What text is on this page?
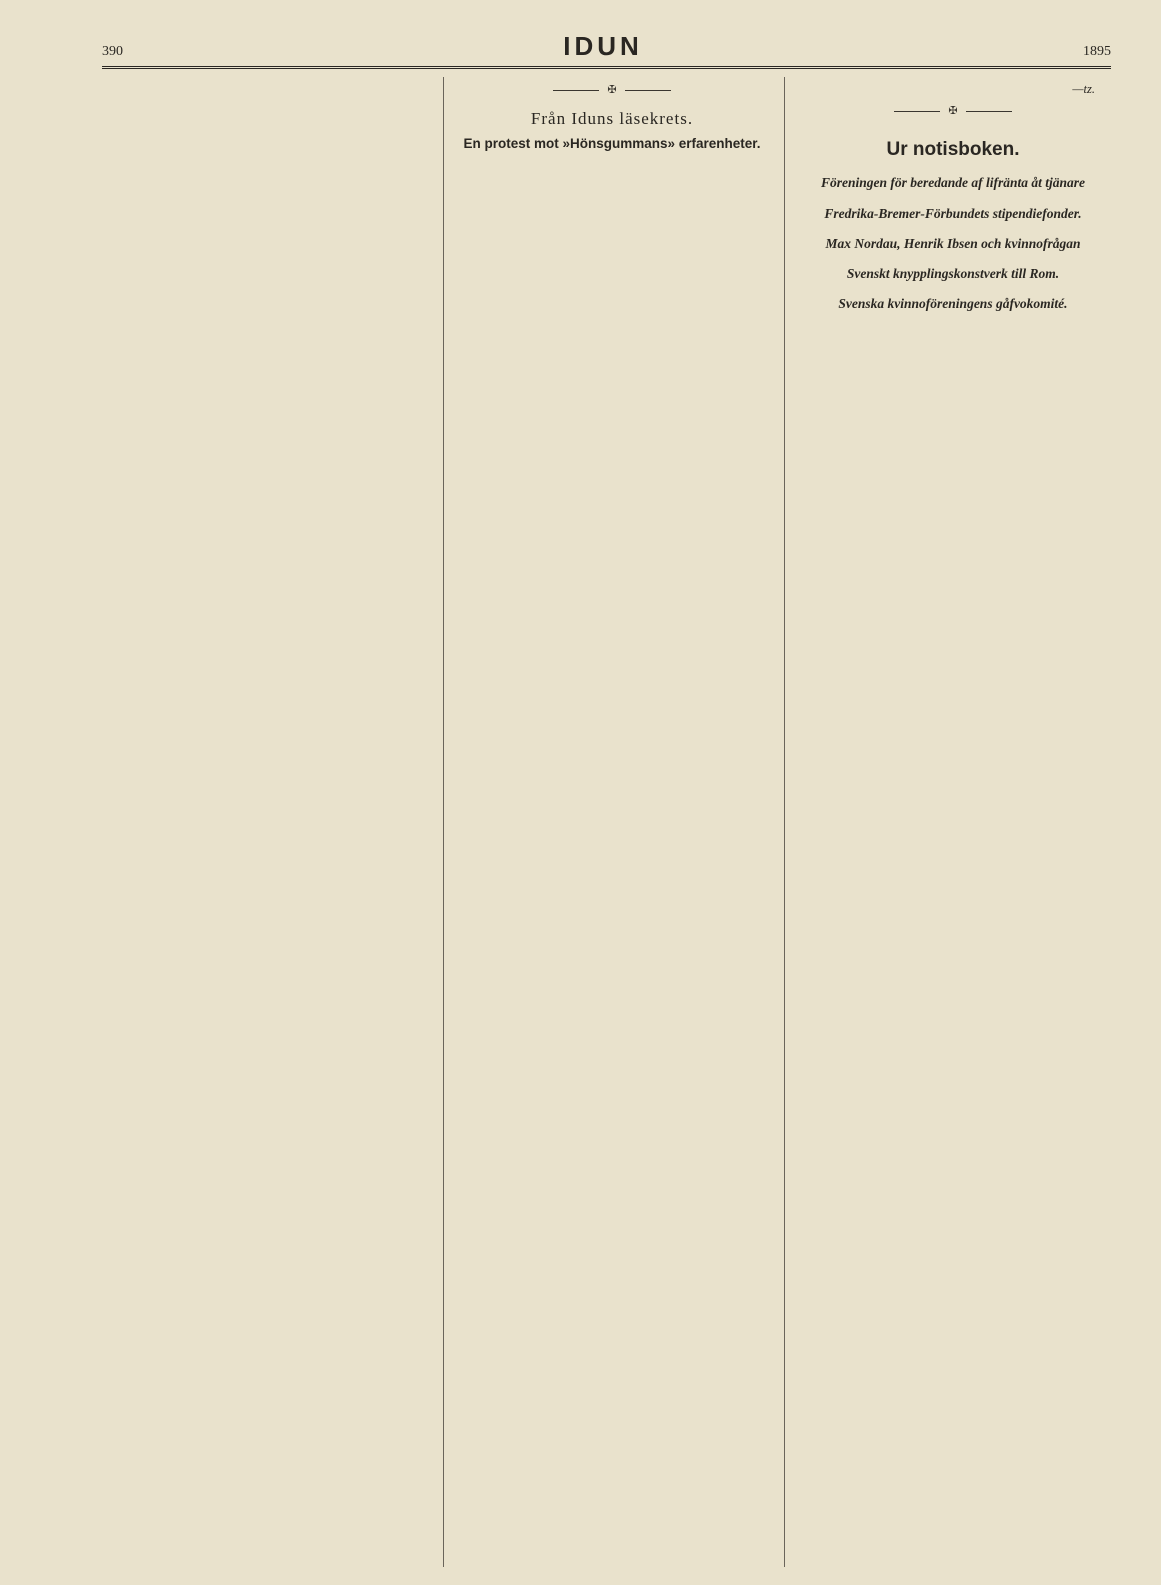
390	IDUN	1895
✠
Från Iduns läsekrets.
En protest mot »Hönsgummans» erfarenheter.
—tz.
✠
Ur notisboken.
Föreningen för beredande af lifränta åt tjänare
Fredrika-Bremer-Förbundets stipendiefonder.
Max Nordau, Henrik Ibsen och kvinnofrågan
Svenskt knypplingskonstverk till Rom.
Svenska kvinnoföreningens gåfvokomité.
